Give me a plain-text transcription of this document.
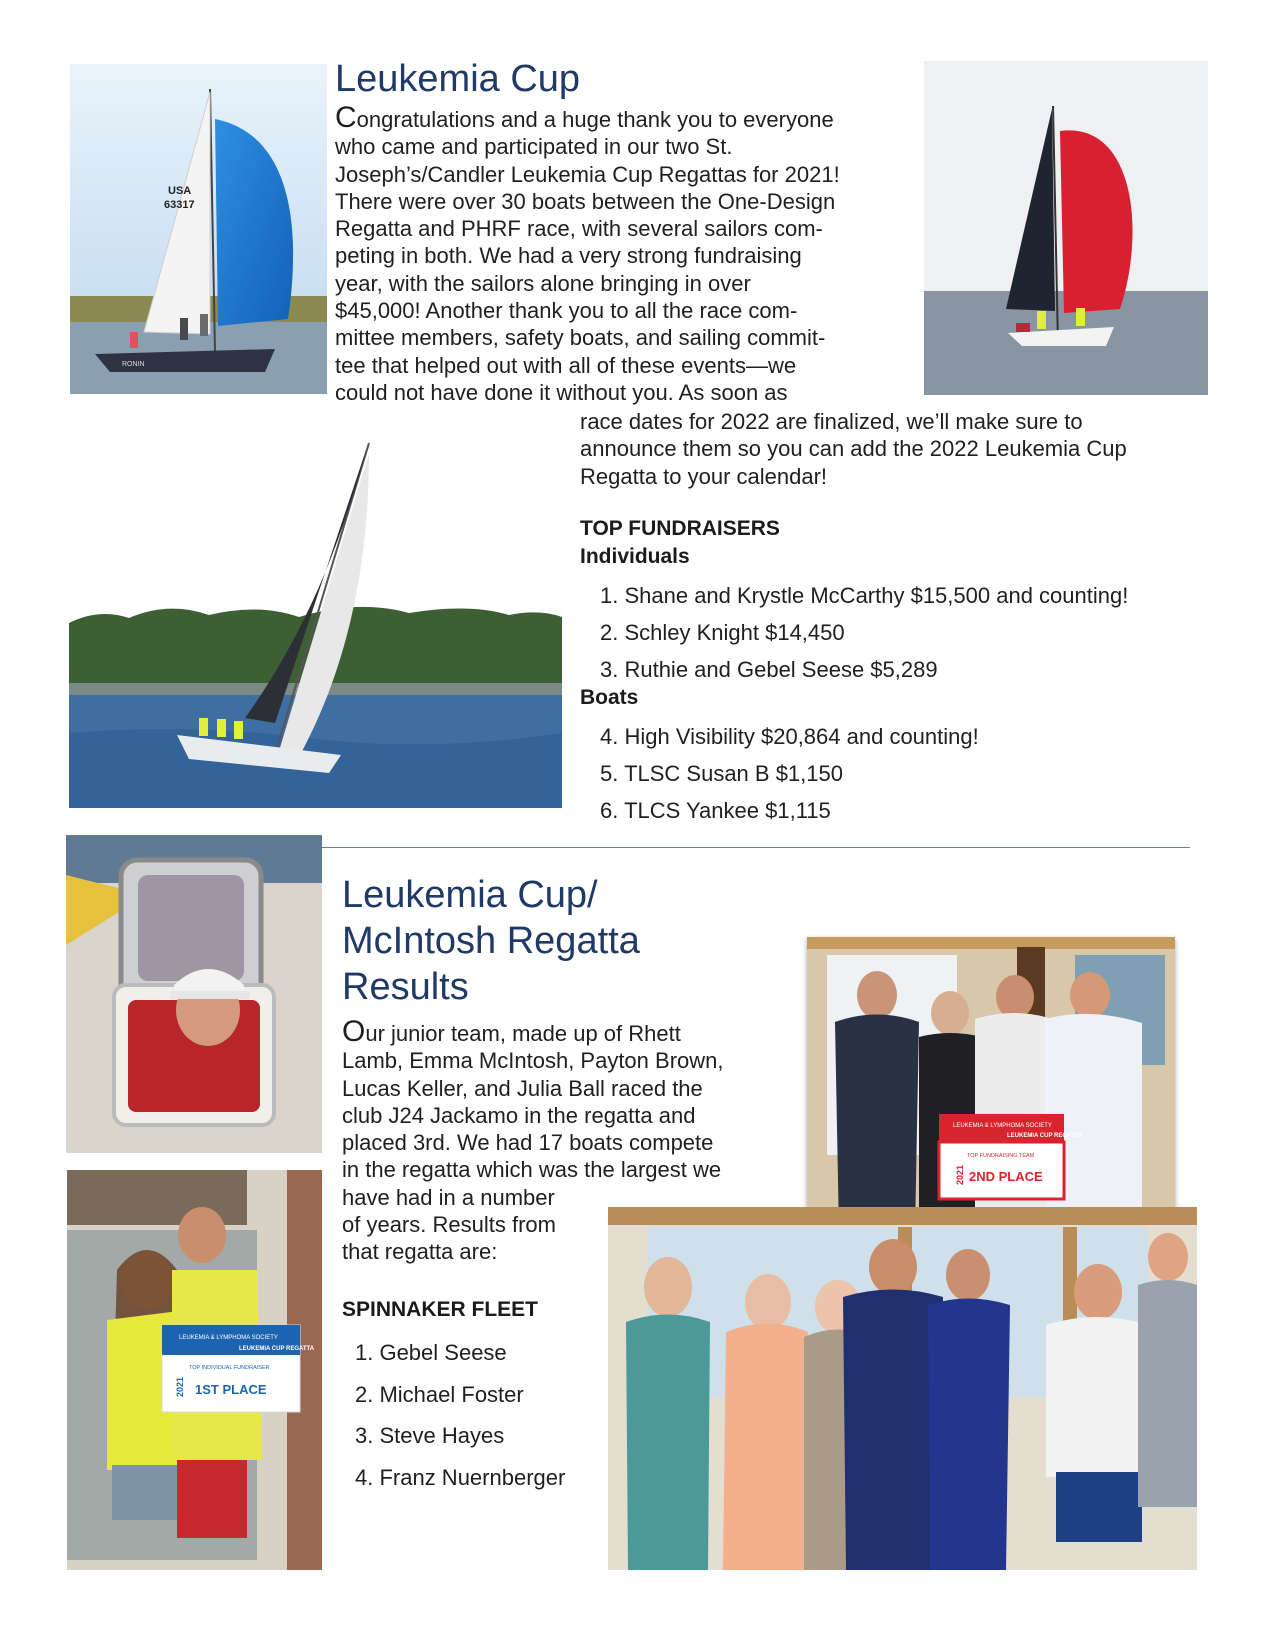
Leukemia Cup
Congratulations and a huge thank you to everyone
who came and participated in our two St.
Joseph’s/Candler Leukemia Cup Regattas for 2021!
There were over 30 boats between the One-Design
Regatta and PHRF race, with several sailors com-
peting in both. We had a very strong fundraising
year, with the sailors alone bringing in over
$45,000! Another thank you to all the race com-
mittee members, safety boats, and sailing commit-
tee that helped out with all of these events—we
could not have done it without you. As soon as
race dates for 2022 are finalized, we’ll make sure to
announce them so you can add the 2022 Leukemia Cup
Regatta to your calendar!
TOP FUNDRAISERS
Individuals
1. Shane and Krystle McCarthy $15,500 and counting!
2. Schley Knight $14,450
3. Ruthie and Gebel Seese $5,289
Boats
4. High Visibility $20,864 and counting!
5. TLSC Susan B $1,150
6. TLCS Yankee $1,115
Leukemia Cup/
McIntosh Regatta
Results
Our junior team, made up of Rhett
Lamb, Emma McIntosh, Payton Brown,
Lucas Keller, and Julia Ball raced the
club J24 Jackamo in the regatta and
placed 3rd. We had 17 boats compete
in the regatta which was the largest we
have had in a number
of years. Results from
that regatta are:
SPINNAKER FLEET
1. Gebel Seese
2. Michael Foster
3. Steve Hayes
4. Franz Nuernberger
USA
63317
RONIN
LEUKEMIA & LYMPHOMA SOCIETY
LEUKEMIA CUP REGATTA
TOP INDIVIDUAL FUNDRAISER
2021 1ST PLACE
LEUKEMIA & LYMPHOMA SOCIETY
LEUKEMIA CUP REGATTA
TOP FUNDRAISING TEAM
2021 2ND PLACE
